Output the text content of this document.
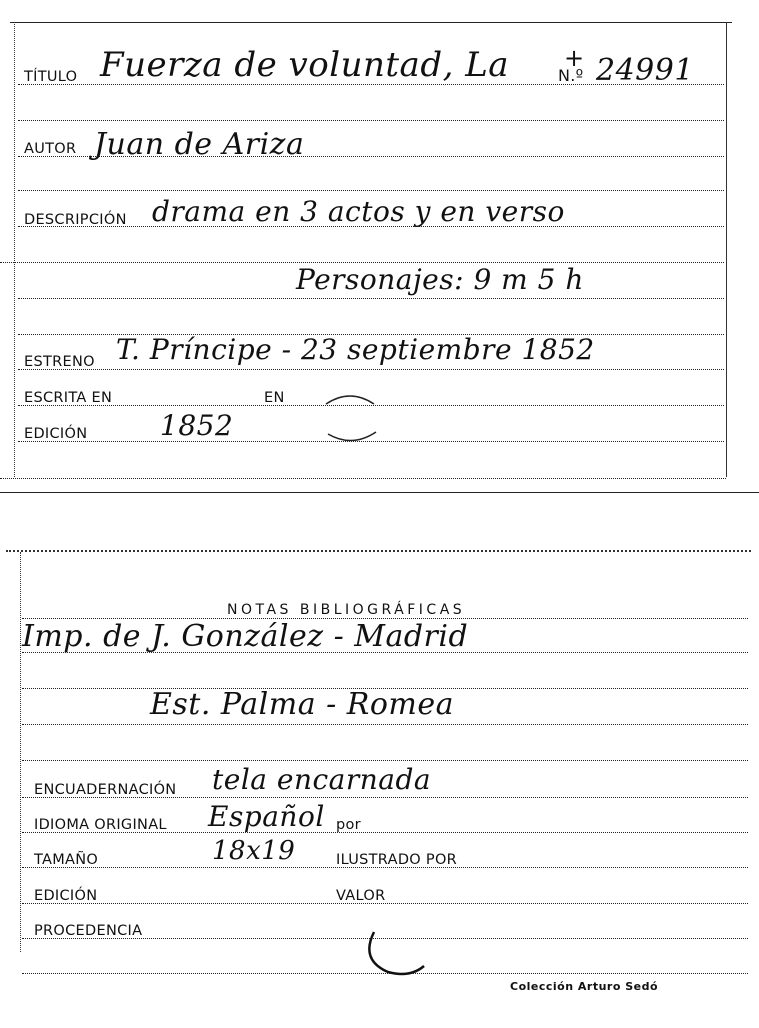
TÍTULO Fuerza de voluntad, La +
N.º 24991
AUTOR Juan de Ariza
DESCRIPCIÓN drama en 3 actos y en verso
Personajes: 9 m 5 h
ESTRENO T. Príncipe - 23 septiembre 1852
ESCRITA EN	EN
EDICIÓN	1852
NOTAS BIBLIOGRÁFICAS
Imp. de J. González - Madrid
Est. Palma - Romea
ENCUADERNACIÓN tela encarnada
IDIOMA ORIGINAL Español por
TAMAÑO	18x19	ILUSTRADO POR
EDICIÓN	VALOR
PROCEDENCIA
Colección Arturo Sedó
